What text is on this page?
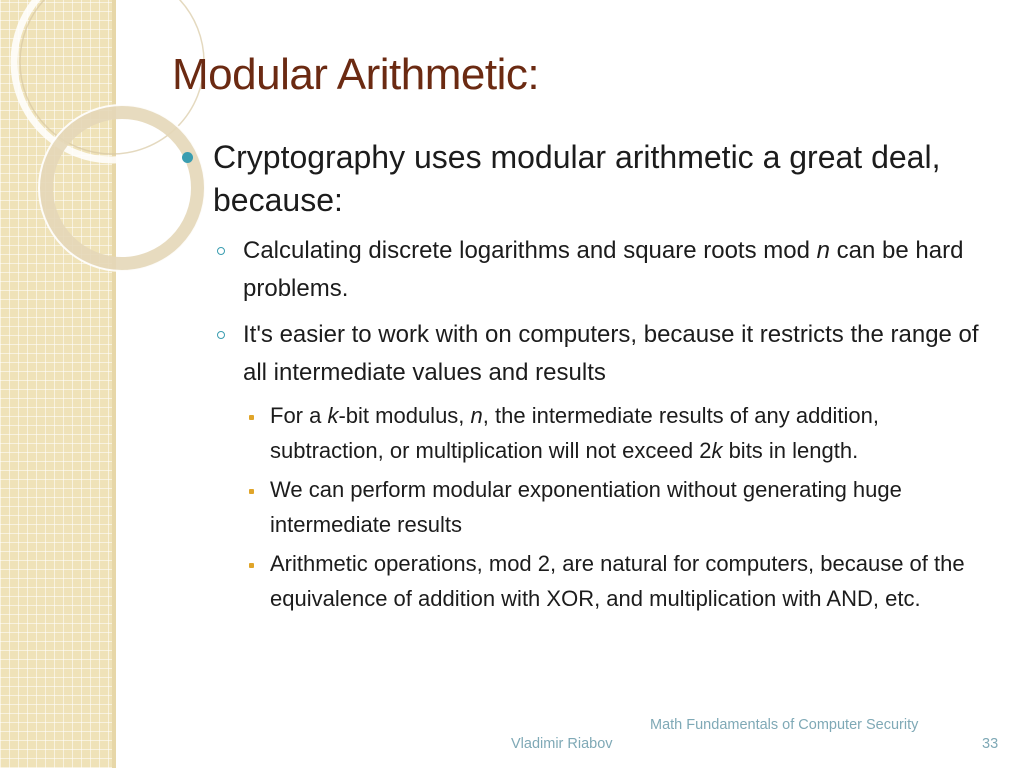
Modular Arithmetic:
Cryptography uses modular arithmetic a great deal, because:
Calculating discrete logarithms and square roots mod n can be hard problems.
It's easier to work with on computers, because it restricts the range of all intermediate values and results
For a k-bit modulus, n, the intermediate results of any addition, subtraction, or multiplication will not exceed 2k bits in length.
We can perform modular exponentiation without generating huge intermediate results
Arithmetic operations, mod 2, are natural for computers, because of the equivalence of addition with XOR, and multiplication with AND, etc.
Vladimir Riabov
Math Fundamentals of Computer Security
33
